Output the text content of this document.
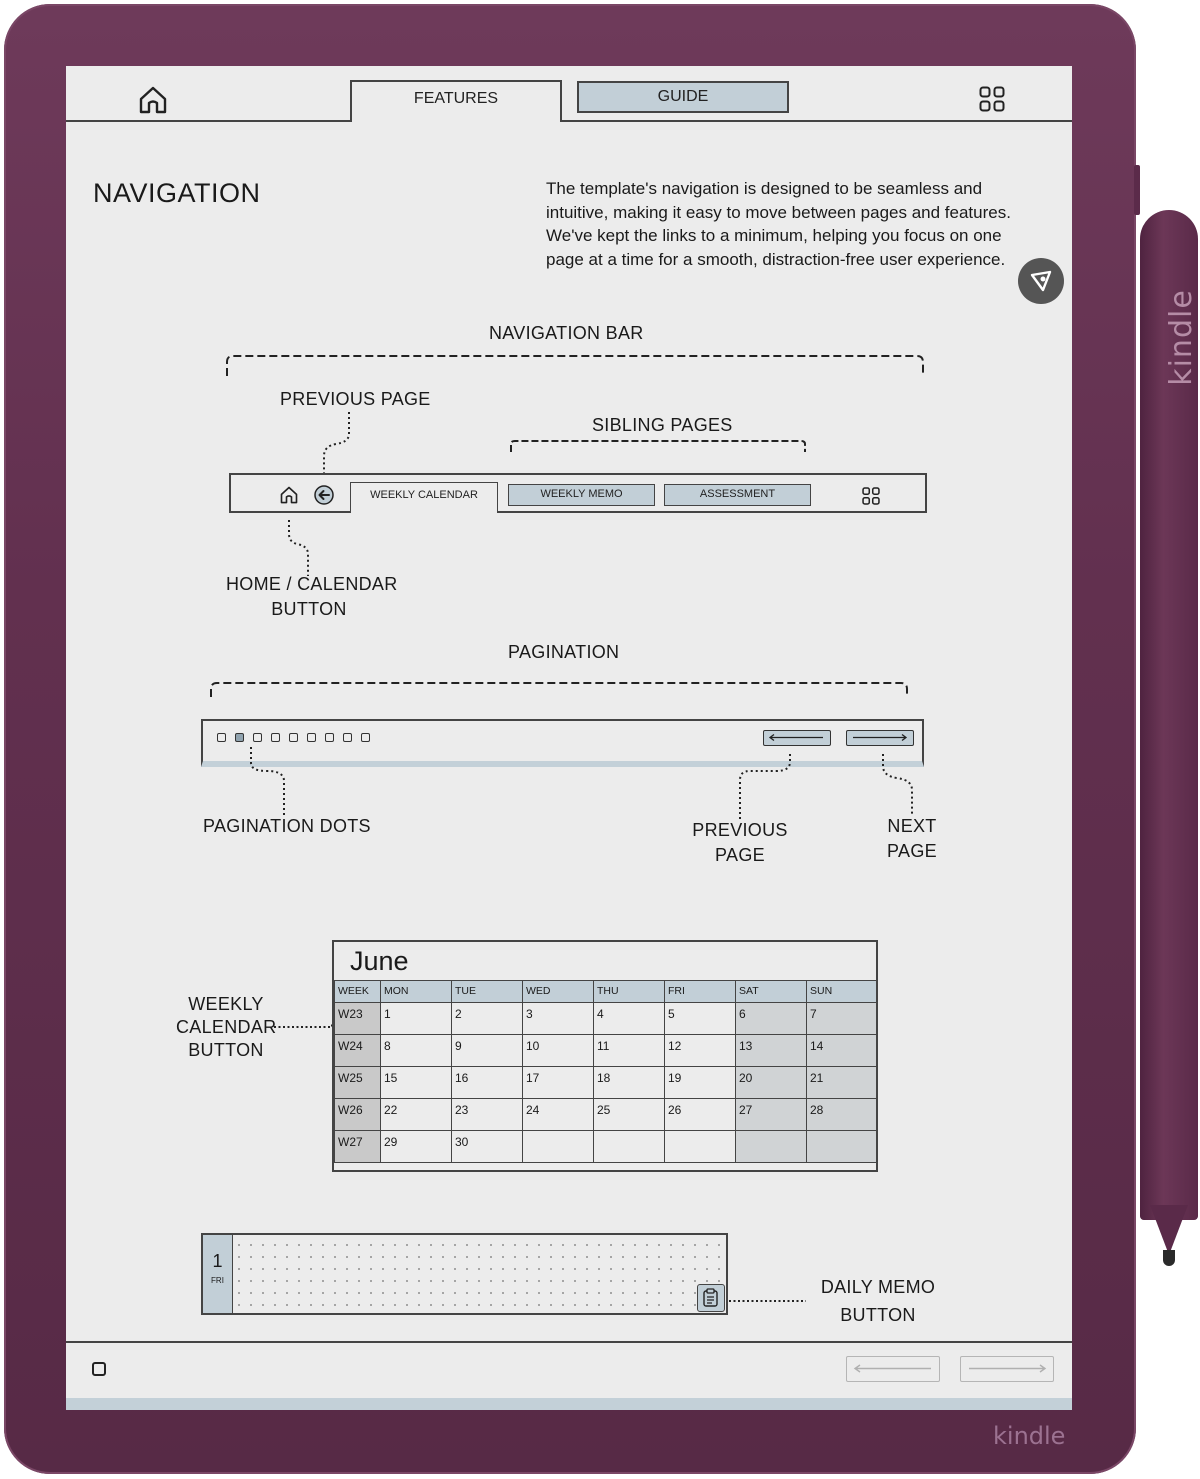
kindle
kindle
FEATURES	GUIDE
NAVIGATION	The template's navigation is designed to be seamless and intuitive, making it easy to move between pages and features. We've kept the links to a minimum, helping you focus on one page at a time for a smooth, distraction-free user experience.
NAVIGATION BAR
PREVIOUS PAGE
SIBLING PAGES
WEEKLY CALENDAR	WEEKLY MEMO	ASSESSMENT
HOME / CALENDAR
BUTTON
PAGINATION
PAGINATION DOTS	PREVIOUS
PAGE
NEXT
PAGE
WEEKLY
CALENDAR
BUTTON
June
WEEK	MON	TUE	WED	THU	FRI	SAT	SUN
W23	1	2	3	4	5	6	7
W24	8	9	10	11	12	13	14
W25	15	16	17	18	19	20	21
W26	22	23	24	25	26	27	28
W27	29	30					
1
FRI	DAILY MEMO
BUTTON
